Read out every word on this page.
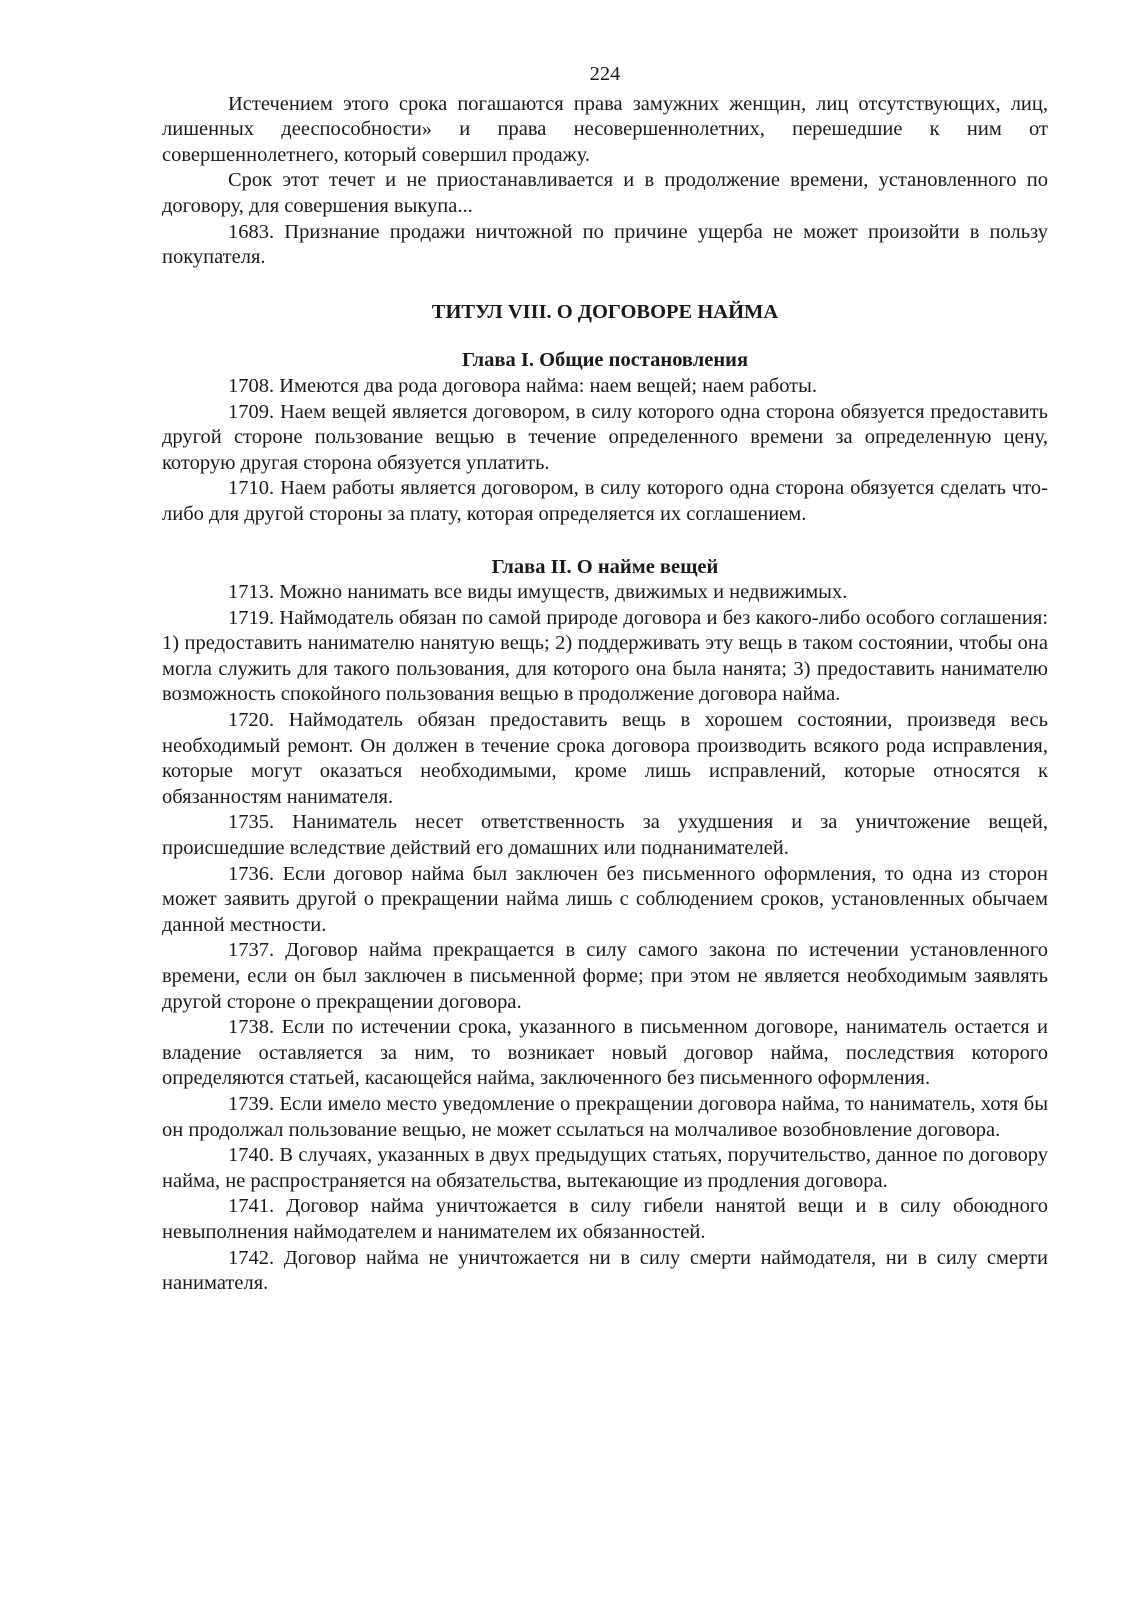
224

Истечением этого срока погашаются права замужних женщин, лиц отсутствующих, лиц, лишенных дееспособности» и права несовершеннолетних, перешедшие к ним от совершеннолетнего, который совершил продажу.

Срок этот течет и не приостанавливается и в продолжение времени, установленного по договору, для совершения выкупа...

1683. Признание продажи ничтожной по причине ущерба не может произойти в пользу покупателя.

ТИТУЛ VIII. О ДОГОВОРЕ НАЙМА
Глава I. Общие постановления

1708. Имеются два рода договора найма: наем вещей; наем работы.

1709. Наем вещей является договором, в силу которого одна сторона обязуется предоставить другой стороне пользование вещью в течение определенного времени за определенную цену, которую другая сторона обязуется уплатить.

1710. Наем работы является договором, в силу которого одна сторона обязуется сделать что-либо для другой стороны за плату, которая определяется их соглашением.

Глава II. О найме вещей

1713. Можно нанимать все виды имуществ, движимых и недвижимых.

1719. Наймодатель обязан по самой природе договора и без какого-либо особого соглашения: 1) предоставить нанимателю нанятую вещь; 2) поддерживать эту вещь в таком состоянии, чтобы она могла служить для такого пользования, для которого она была нанята; 3) предоставить нанимателю возможность спокойного пользования вещью в продолжение договора найма.

1720. Наймодатель обязан предоставить вещь в хорошем состоянии, произведя весь необходимый ремонт. Он должен в течение срока договора производить всякого рода исправления, которые могут оказаться необходимыми, кроме лишь исправлений, которые относятся к обязанностям нанимателя.

1735. Наниматель несет ответственность за ухудшения и за уничтожение вещей, происшедшие вследствие действий его домашних или поднанимателей.

1736. Если договор найма был заключен без письменного оформления, то одна из сторон может заявить другой о прекращении найма лишь с соблюдением сроков, установленных обычаем данной местности.

1737. Договор найма прекращается в силу самого закона по истечении установленного времени, если он был заключен в письменной форме; при этом не является необходимым заявлять другой стороне о прекращении договора.

1738. Если по истечении срока, указанного в письменном договоре, наниматель остается и владение оставляется за ним, то возникает новый договор найма, последствия которого определяются статьей, касающейся найма, заключенного без письменного оформления.

1739. Если имело место уведомление о прекращении договора найма, то наниматель, хотя бы он продолжал пользование вещью, не может ссылаться на молчаливое возобновление договора.

1740. В случаях, указанных в двух предыдущих статьях, поручительство, данное по договору найма, не распространяется на обязательства, вытекающие из продления договора.

1741. Договор найма уничтожается в силу гибели нанятой вещи и в силу обоюдного невыполнения наймодателем и нанимателем их обязанностей.

1742. Договор найма не уничтожается ни в силу смерти наймодателя, ни в силу смерти нанимателя.
